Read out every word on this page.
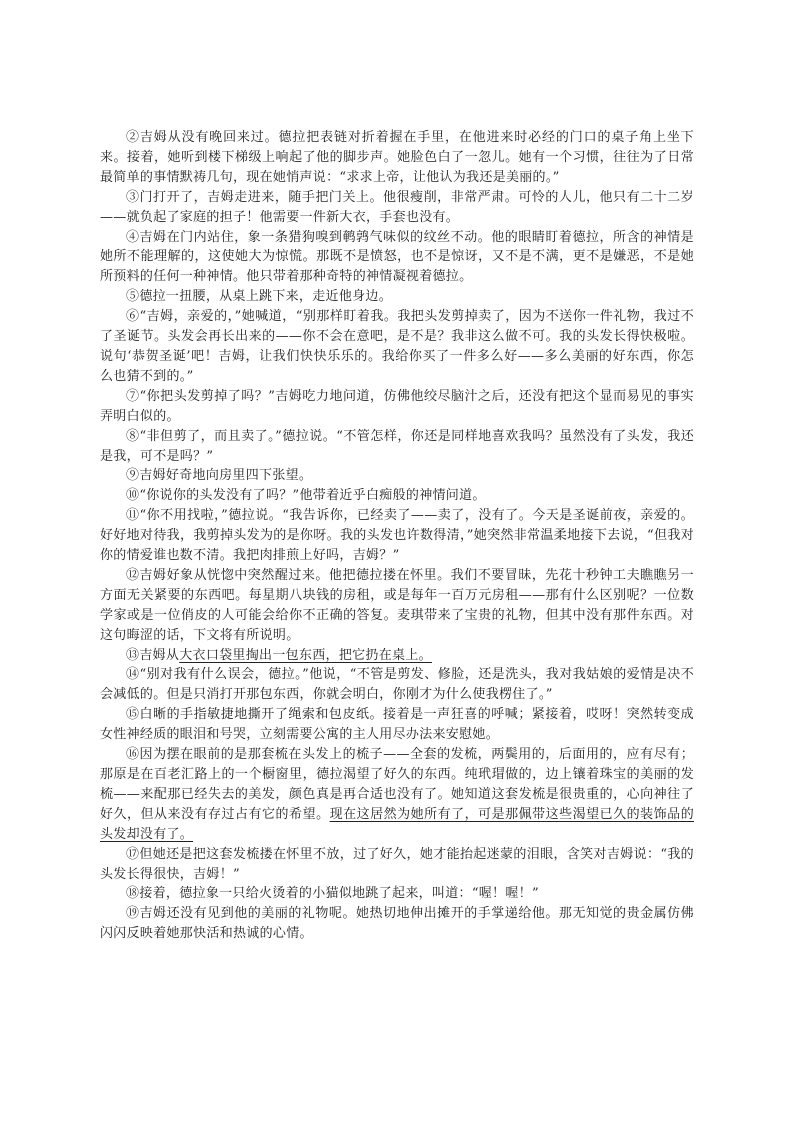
②吉姆从没有晚回来过。德拉把表链对折着握在手里，在他进来时必经的门口的桌子角上坐下来。接着，她听到楼下梯级上响起了他的脚步声。她脸色白了一忽儿。她有一个习惯，往往为了日常最简单的事情默祷几句，现在她悄声说：“求求上帝，让他认为我还是美丽的。”

③门打开了，吉姆走进来，随手把门关上。他很瘦削，非常严肃。可怜的人儿，他只有二十二岁——就负起了家庭的担子！他需要一件新大衣，手套也没有。

④吉姆在门内站住，象一条猎狗嗅到鹌鹑气味似的纹丝不动。他的眼睛盯着德拉，所含的神情是她所不能理解的，这使她大为惊慌。那既不是愤怒，也不是惊讶，又不是不满，更不是嫌恶，不是她所预料的任何一种神情。他只带着那种奇特的神情凝视着德拉。

⑤德拉一扭腰，从桌上跳下来，走近他身边。

⑥“吉姆，亲爱的，”她喊道，“别那样盯着我。我把头发剪掉卖了，因为不送你一件礼物，我过不了圣诞节。头发会再长出来的——你不会在意吧，是不是？我非这么做不可。我的头发长得快极啦。说句‘恭贺圣诞’吧！吉姆，让我们快快乐乐的。我给你买了一件多么好——多么美丽的好东西，你怎么也猜不到的。”

⑦“你把头发剪掉了吗？”吉姆吃力地问道，仿佛他绞尽脑汁之后，还没有把这个显而易见的事实弄明白似的。

⑧“非但剪了，而且卖了。”德拉说。“不管怎样，你还是同样地喜欢我吗？虽然没有了头发，我还是我，可不是吗？”

⑨吉姆好奇地向房里四下张望。

⑩“你说你的头发没有了吗？”他带着近乎白痴般的神情问道。

⑪“你不用找啦，”德拉说。“我告诉你，已经卖了——卖了，没有了。今天是圣诞前夜，亲爱的。好好地对待我，我剪掉头发为的是你呀。我的头发也许数得清，”她突然非常温柔地接下去说，“但我对你的情爱谁也数不清。我把肉排煎上好吗，吉姆？”

⑫吉姆好象从恍惚中突然醒过来。他把德拉搂在怀里。我们不要冒昧，先花十秒钟工夫瞧瞧另一方面无关紧要的东西吧。每星期八块钱的房租，或是每年一百万元房租——那有什么区别呢？一位数学家或是一位俏皮的人可能会给你不正确的答复。麦琪带来了宝贵的礼物，但其中没有那件东西。对这句晦涩的话，下文将有所说明。

⑬吉姆从大衣口袋里掏出一包东西，把它扔在桌上。

⑭“别对我有什么误会，德拉。”他说，“不管是剪发、修脸，还是洗头，我对我姑娘的爱情是决不会减低的。但是只消打开那包东西，你就会明白，你刚才为什么使我楞住了。”

⑮白晰的手指敏捷地撕开了绳索和包皮纸。接着是一声狂喜的呼喊；紧接着，哎呀！突然转变成女性神经质的眼泪和号哭，立刻需要公寓的主人用尽办法来安慰她。

⑯因为摆在眼前的是那套梳在头发上的梳子——全套的发梳，两鬓用的，后面用的，应有尽有；那原是在百老汇路上的一个橱窗里，德拉渴望了好久的东西。纯玳瑁做的，边上镶着珠宝的美丽的发梳——来配那已经失去的美发，颜色真是再合适也没有了。她知道这套发梳是很贵重的，心向神往了好久，但从来没有存过占有它的希望。现在这居然为她所有了，可是那佩带这些渴望已久的装饰品的头发却没有了。

⑰但她还是把这套发梳搂在怀里不放，过了好久，她才能抬起迷蒙的泪眼，含笑对吉姆说：“我的头发长得很快，吉姆！”

⑱接着，德拉象一只给火烫着的小猫似地跳了起来，叫道：“喔！喔！”

⑲吉姆还没有见到他的美丽的礼物呢。她热切地伸出摊开的手掌递给他。那无知觉的贵金属仿佛闪闪反映着她那快活和热诚的心情。
